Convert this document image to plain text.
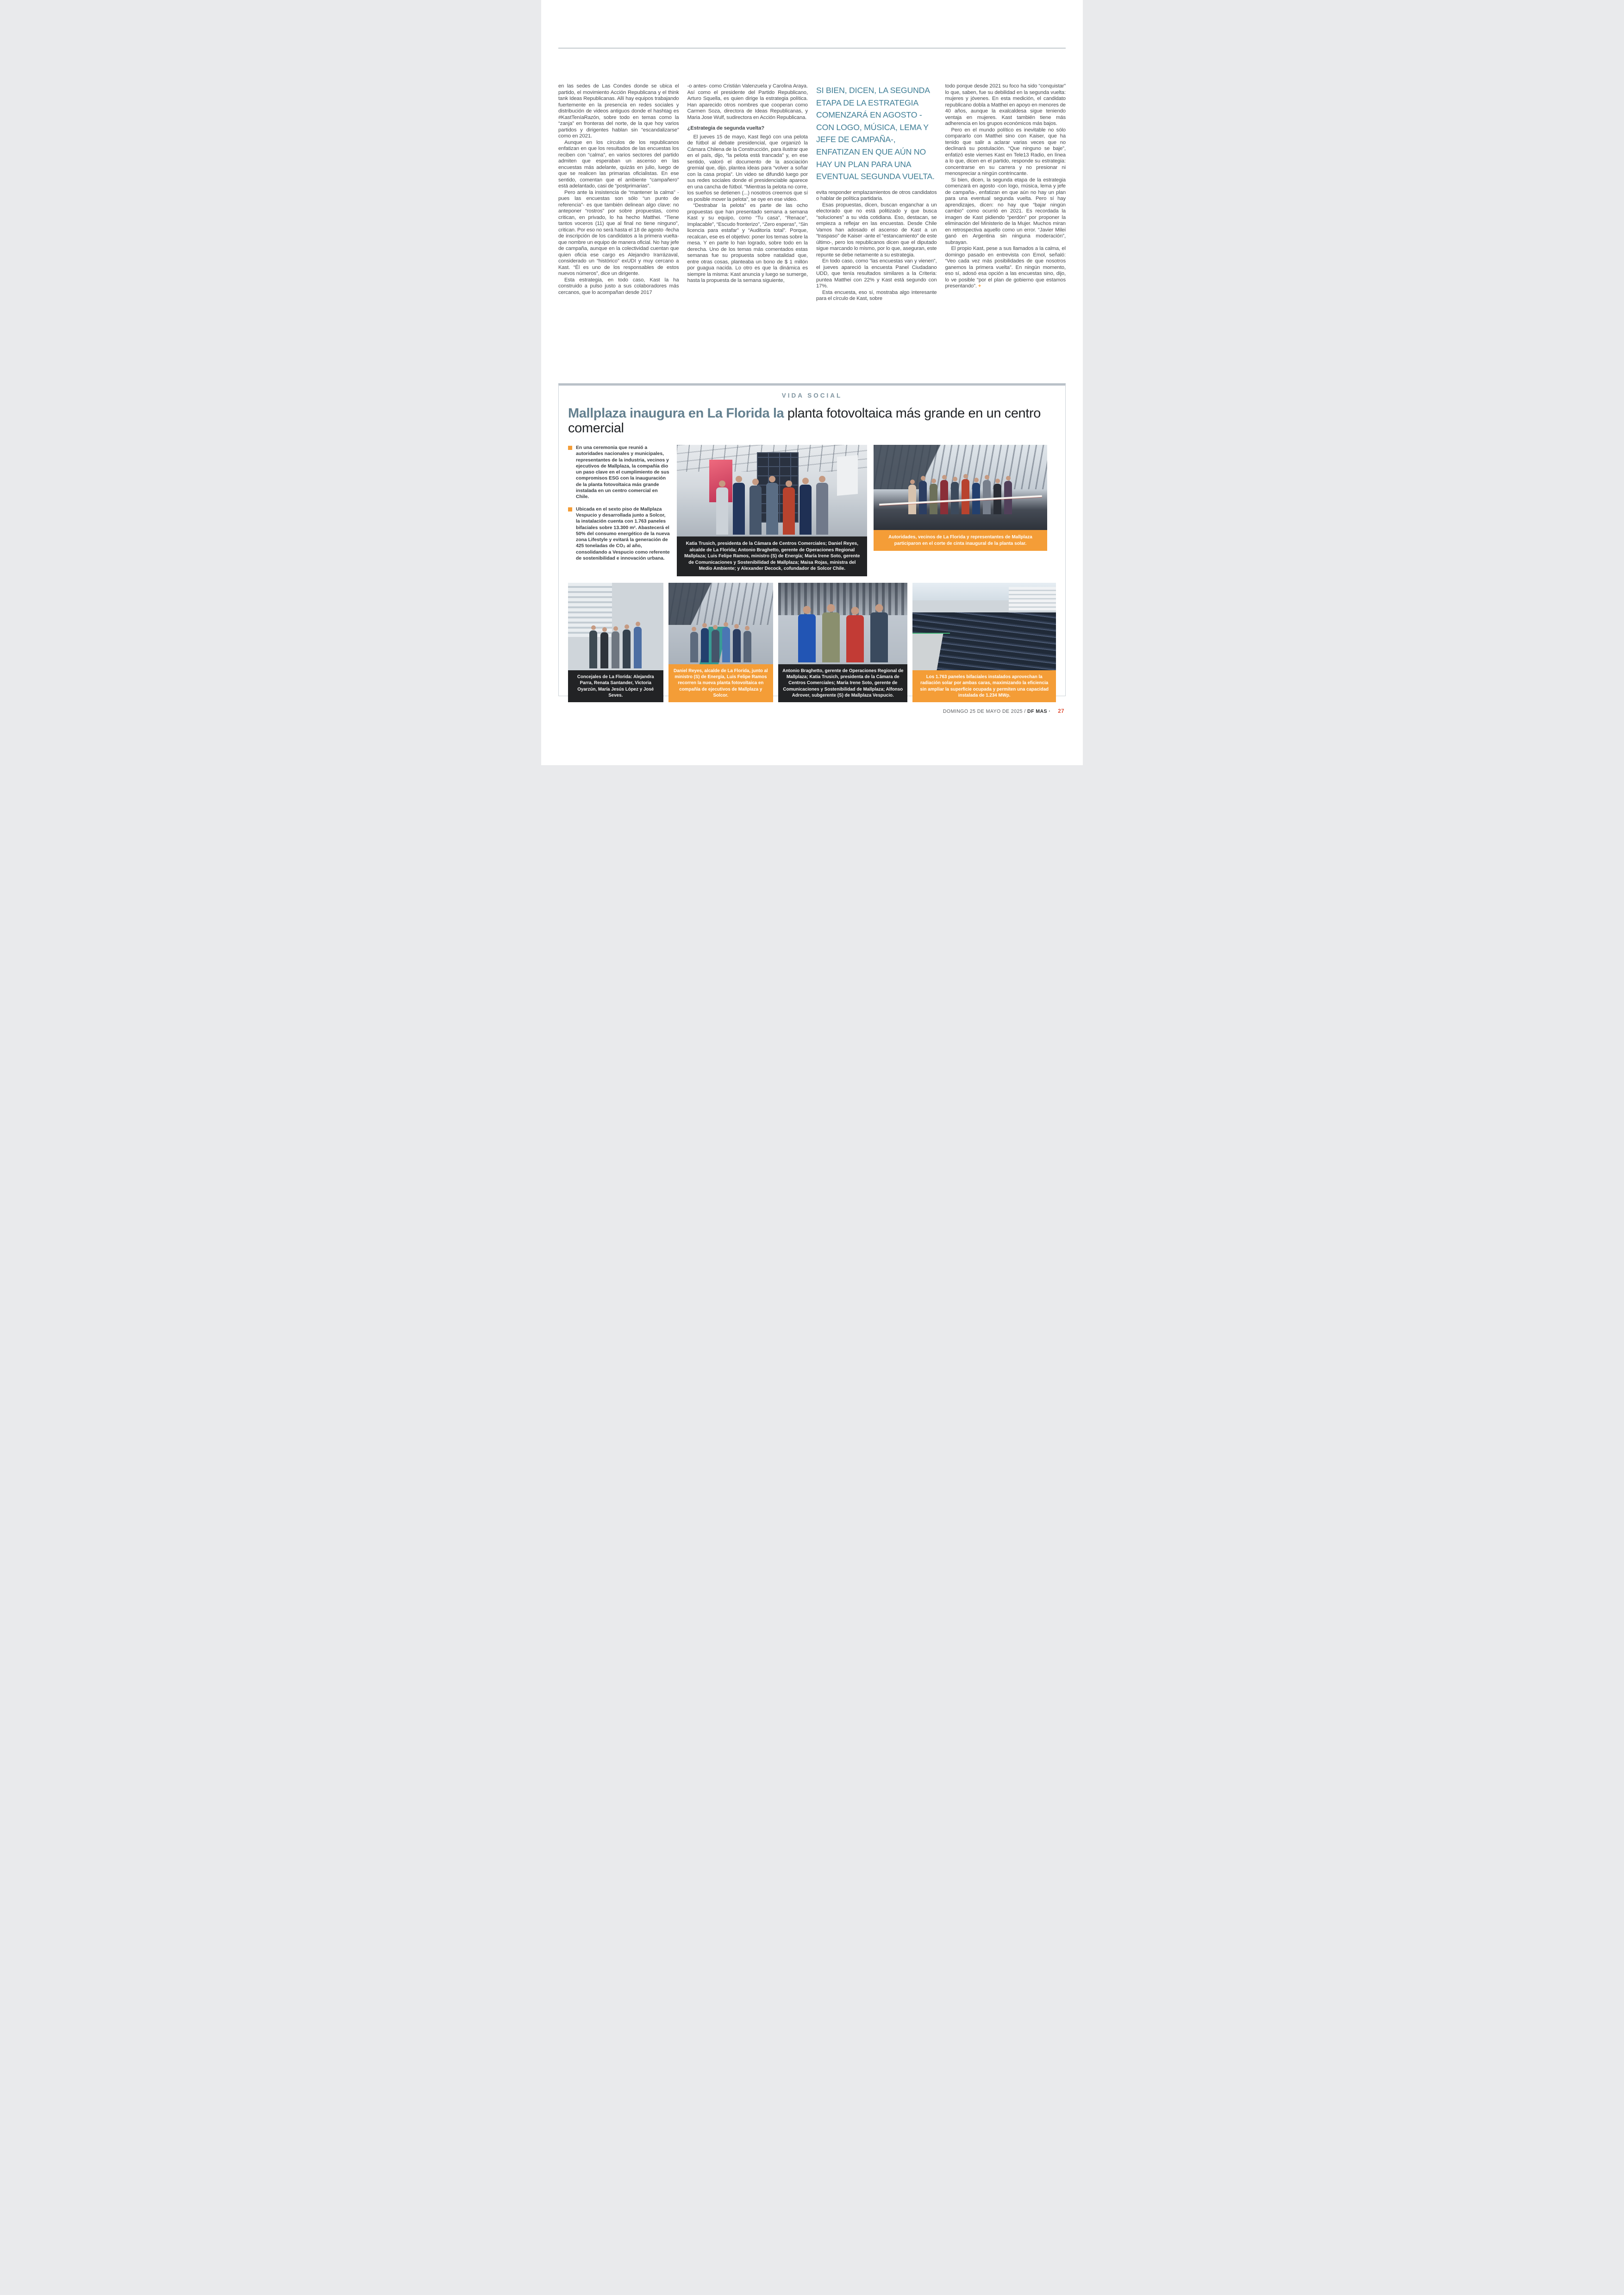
en las sedes de Las Condes donde se ubica el partido, el movimiento Acción Republicana y el think tank Ideas Republicanas. Allí hay equipos trabajando fuertemente en la presencia en redes sociales y distribución de videos antiguos donde el hashtag es #KastTeníaRazón, sobre todo en temas como la “zanja” en fronteras del norte, de la que hoy varios partidos y dirigentes hablan sin “escandalizarse” como en 2021.

Aunque en los círculos de los republicanos enfatizan en que los resultados de las encuestas los reciben con “calma”, en varios sectores del partido admiten que esperaban un ascenso en las encuestas más adelante, quizás en julio, luego de que se realicen las primarias oficialistas. En ese sentido, comentan que el ambiente “campañero” está adelantado, casi de “postprimarias”.

Pero ante la insistencia de “mantener la calma” -pues las encuestas son sólo “un punto de referencia”- es que también delinean algo clave: no anteponer “rostros” por sobre propuestas, como critican, en privado, lo ha hecho Matthei. “Tiene tantos voceros (11) que al final no tiene ninguno”, critican. Por eso no será hasta el 18 de agosto -fecha de inscripción de los candidatos a la primera vuelta- que nombre un equipo de manera oficial. No hay jefe de campaña, aunque en la colectividad cuentan que quien oficia ese cargo es Alejandro Irarrázaval, considerado un “histórico” exUDI y muy cercano a Kast. “Él es uno de los responsables de estos nuevos números”, dice un dirigente.

Esta estrategia, en todo caso, Kast la ha construido a pulso justo a sus colaboradores más cercanos, que lo acompañan desde 2017

-o antes- como Cristián Valenzuela y Carolina Araya. Así como el presidente del Partido Republicano, Arturo Squella, es quien dirige la estrategia política. Han aparecido otros nombres que cooperan como Carmen Soza, directora de Ideas Republicanas, y Maria Jose Wulf, sudirectora en Acción Republicana.

¿Estrategia de segunda vuelta?

El jueves 15 de mayo, Kast llegó con una pelota de fútbol al debate presidencial, que organizó la Cámara Chilena de la Construcción, para ilustrar que en el país, dijo, “la pelota está trancada” y, en ese sentido, valoró el documento de la asociación gremial que, dijo, plantea ideas para “volver a soñar con la casa propia”. Un video se difundió luego por sus redes sociales donde el presidenciable aparece en una cancha de fútbol. “Mientras la pelota no corre, los sueños se detienen (...) nosotros creemos que sí es posible mover la pelota”, se oye en ese video.

“Destrabar la pelota” es parte de las ocho propuestas que han presentado semana a semana Kast y su equipo, como “Tu casa”, “Renace”, Implacable”, “Escudo fronterizo”, “Zero esperas”, “Sin licencia para estafar” y “Auditoría total”. Porque, recalcan, ese es el objetivo: poner los temas sobre la mesa. Y en parte lo han logrado, sobre todo en la derecha. Uno de los temas más comentados estas semanas fue su propuesta sobre natalidad que, entre otras cosas, planteaba un bono de $ 1 millón por guagua nacida. Lo otro es que la dinámica es siempre la misma: Kast anuncia y luego se sumerge, hasta la propuesta de la semana siguiente,

SI BIEN, DICEN, LA SEGUNDA ETAPA DE LA ESTRATEGIA COMENZARÁ EN AGOSTO -CON LOGO, MÚSICA, LEMA Y JEFE DE CAMPAÑA-, ENFATIZAN EN QUE AÚN NO HAY UN PLAN PARA UNA EVENTUAL SEGUNDA VUELTA.

evita responder emplazamientos de otros candidatos o hablar de política partidaria.

Esas propuestas, dicen, buscan enganchar a un electorado que no está politizado y que busca “soluciones” a su vida cotidiana. Eso, destacan, se empieza a reflejar en las encuestas. Desde Chile Vamos han adosado el ascenso de Kast a un “traspaso” de Kaiser -ante el “estancamiento” de este último-, pero los republicanos dicen que el diputado sigue marcando lo mismo, por lo que, aseguran, este repunte se debe netamente a su estrategia.

En todo caso, como “las encuestas van y vienen”, el jueves apareció la encuesta Panel Ciudadano UDD, que tenía resultados similares a la Criteria: puntea Matthei con 22% y Kast está segundo con 17%.

Esta encuesta, eso sí, mostraba algo interesante para el círculo de Kast, sobre

todo porque desde 2021 su foco ha sido “conquistar” lo que, saben, fue su debilidad en la segunda vuelta: mujeres y jóvenes. En esta medición, el candidato republicano dobla a Matthei en apoyo en menores de 40 años, aunque la exalcaldesa sigue teniendo ventaja en mujeres. Kast también tiene más adherencia en los grupos económicos más bajos.

Pero en el mundo político es inevitable no sólo compararlo con Matthei sino con Kaiser, que ha tenido que salir a aclarar varias veces que no declinará su postulación. “Que ninguno se baje”, enfatizó este viernes Kast en Tele13 Radio, en línea a lo que, dicen en el partido, responde su estrategia: concentrarse en su carrera y no presionar ni menospreciar a ningún contrincante.

Si bien, dicen, la segunda etapa de la estrategia comenzará en agosto -con logo, música, lema y jefe de campaña-, enfatizan en que aún no hay un plan para una eventual segunda vuelta. Pero sí hay aprendizajes, dicen: no hay que “bajar ningún cambio” como ocurrió en 2021. Es recordada la imagen de Kast pidiendo “perdón” por proponer la eliminación del Ministerio de la Mujer. Muchos miran en retrospectiva aquello como un error. “Javier Milei ganó en Argentina sin ninguna moderación”, subrayan.

El propio Kast, pese a sus llamados a la calma, el domingo pasado en entrevista con Emol, señaló: “Veo cada vez más posibilidades de que nosotros ganemos la primera vuelta”. En ningún momento, eso sí, adosó esa opción a las encuestas sino, dijo, lo ve posible “por el plan de gobierno que estamos presentando”. +

VIDA SOCIAL
Mallplaza inaugura en La Florida la planta fotovoltaica más grande en un centro comercial

En una ceremonia que reunió a autoridades nacionales y municipales, representantes de la industria, vecinos y ejecutivos de Mallplaza, la compañía dio un paso clave en el cumplimiento de sus compromisos ESG con la inauguración de la planta fotovoltaica más grande instalada en un centro comercial en Chile.

Ubicada en el sexto piso de Mallplaza Vespucio y desarrollada junto a Solcor, la instalación cuenta con 1.763 paneles bifaciales sobre 13.300 m². Abastecerá el 50% del consumo energético de la nueva zona Lifestyle y evitará la generación de 425 toneladas de CO₂ al año, consolidando a Vespucio como referente de sostenibilidad e innovación urbana.

Katia Trusich, presidenta de la Cámara de Centros Comerciales; Daniel Reyes, alcalde de La Florida; Antonio Braghetto, gerente de Operaciones Regional Mallplaza; Luis Felipe Ramos, ministro (S) de Energía; María Irene Soto, gerente de Comunicaciones y Sostenibilidad de Mallplaza; Maisa Rojas, ministra del Medio Ambiente; y Alexander Decock, cofundador de Solcor Chile.
Autoridades, vecinos de La Florida y representantes de Mallplaza participaron en el corte de cinta inaugural de la planta solar.
Concejales de La Florida: Alejandra Parra, Renata Santander, Victoria Oyarzún, María Jesús López y José Seves.
Daniel Reyes, alcalde de La Florida, junto al ministro (S) de Energía, Luis Felipe Ramos recorren la nueva planta fotovoltaica en compañía de ejecutivos de Mallplaza y Solcor.
Antonio Braghetto, gerente de Operaciones Regional de Mallplaza; Katia Trusich, presidenta de la Cámara de Centros Comerciales; María Irene Soto, gerente de Comunicaciones y Sostenibilidad de Mallplaza; Alfonso Adrover, subgerente (S) de Mallplaza Vespucio.
Los 1.763 paneles bifaciales instalados aprovechan la radiación solar por ambas caras, maximizando la eficiencia sin ampliar la superficie ocupada y permiten una capacidad instalada de 1.234 MWp.
DOMINGO 25 DE MAYO DE 2025 / DF MAS · 27
